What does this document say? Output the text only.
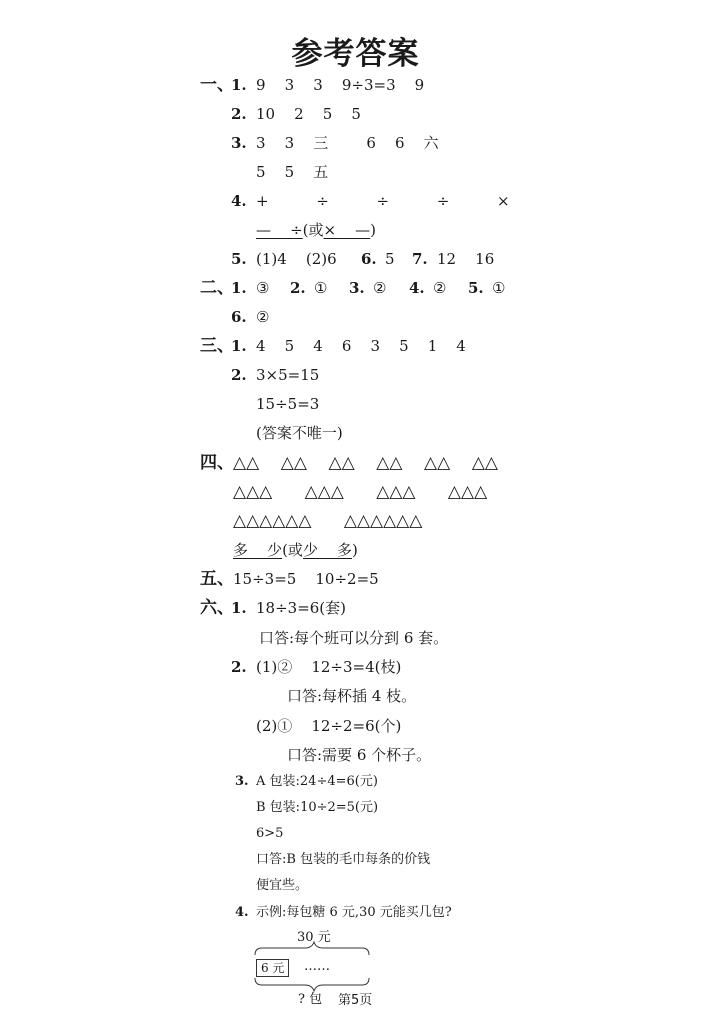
参考答案
一、
1. 9    3    3    9÷3=3    9
2. 10    2    5    5
3. 3    3    三        6    6    六
5    5    五
4. +          ÷          ÷          ÷          ×
—    ÷(或×    —)
5. (1)4    (2)6 6. 5 7. 12    16
二、
1. ③ 2. ① 3. ② 4. ② 5. ①
6. ②
三、
1. 4    5    4    6    3    5    1    4
2. 3×5=15
15÷5=3
(答案不唯一)
四、 △△    △△    △△    △△    △△    △△
△△△      △△△      △△△      △△△
△△△△△△      △△△△△△
多    少(或少    多)
五、 15÷3=5    10÷2=5
六、
1. 18÷3=6(套)
口答:每个班可以分到 6 套。
2. (1)②    12÷3=4(枝)
口答:每杯插 4 枝。
(2)①    12÷2=6(个)
口答:需要 6 个杯子。
3. A 包装:24÷4=6(元)
B 包装:10÷2=5(元)
6>5
口答:B 包装的毛巾每条的价钱
便宜些。
4. 示例:每包糖 6 元,30 元能买几包?
30 元
6 元	……
? 包 第5页
